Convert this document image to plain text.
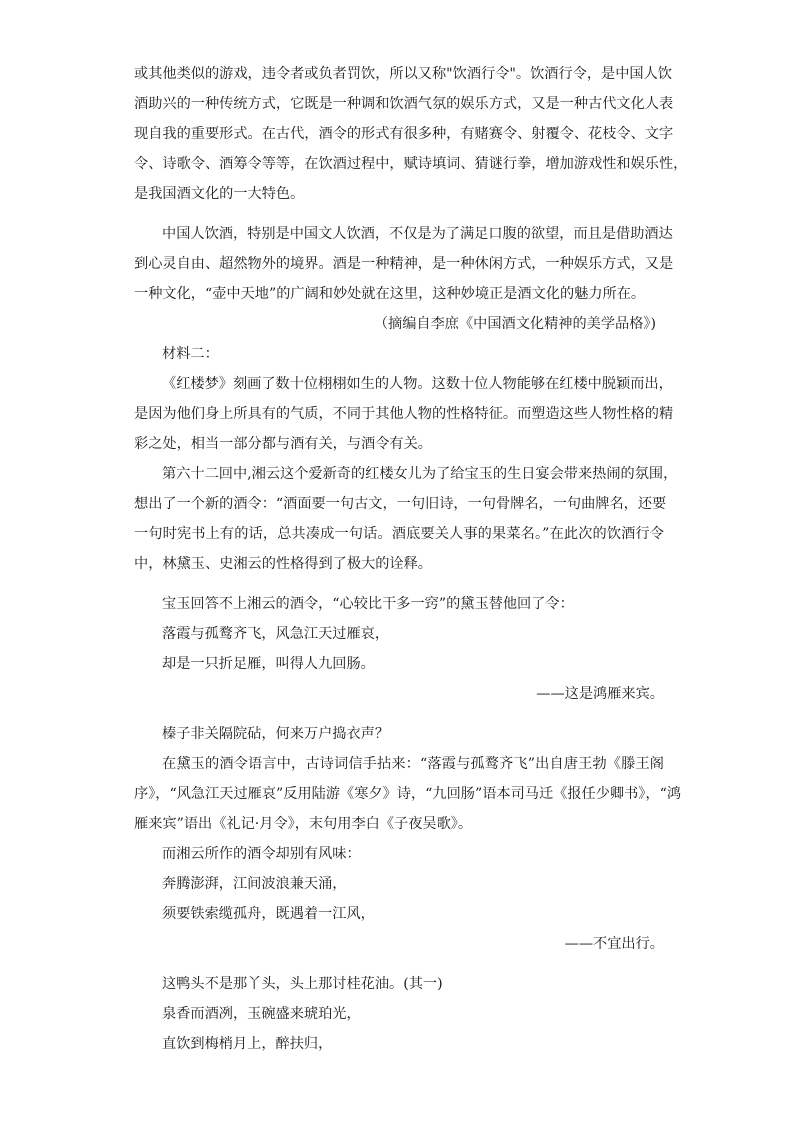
或其他类似的游戏，违令者或负者罚饮，所以又称"饮酒行令"。饮酒行令，是中国人饮
酒助兴的一种传统方式，它既是一种调和饮酒气氛的娱乐方式，又是一种古代文化人表
现自我的重要形式。在古代，酒令的形式有很多种，有赌赛令、射覆令、花枝令、文字
令、诗歌令、酒筹令等等，在饮酒过程中，赋诗填词、猜谜行拳，增加游戏性和娱乐性，
是我国酒文化的一大特色。
中国人饮酒，特别是中国文人饮酒，不仅是为了满足口腹的欲望，而且是借助酒达
到心灵自由、超然物外的境界。酒是一种精神，是一种休闲方式，一种娱乐方式，又是
一种文化，“壶中天地”的广阔和妙处就在这里，这种妙境正是酒文化的魅力所在。
（摘编自李庶《中国酒文化精神的美学品格》)
材料二：
《红楼梦》刻画了数十位栩栩如生的人物。这数十位人物能够在红楼中脱颖而出，
是因为他们身上所具有的气质，不同于其他人物的性格特征。而塑造这些人物性格的精
彩之处，相当一部分都与酒有关，与酒令有关。
第六十二回中,湘云这个爱新奇的红楼女儿为了给宝玉的生日宴会带来热闹的氛围，
想出了一个新的酒令：“酒面要一句古文，一句旧诗，一句骨牌名，一句曲牌名，还要
一句时宪书上有的话，总共凑成一句话。酒底要关人事的果菜名。”在此次的饮酒行令
中，林黛玉、史湘云的性格得到了极大的诠释。
宝玉回答不上湘云的酒令，“心较比干多一窍”的黛玉替他回了令：
落霞与孤鹜齐飞，风急江天过雁哀，
却是一只折足雁，叫得人九回肠。
——这是鸿雁来宾。
榛子非关隔院砧，何来万户捣衣声？
在黛玉的酒令语言中，古诗词信手拈来：“落霞与孤鹜齐飞”出自唐王勃《滕王阁
序》，“风急江天过雁哀”反用陆游《寒夕》诗，“九回肠”语本司马迁《报任少卿书》，“鸿
雁来宾”语出《礼记·月令》，末句用李白《子夜吴歌》。
而湘云所作的酒令却别有风味：
奔腾澎湃，江间波浪兼天涌，
须要铁索缆孤舟，既遇着一江风，
——不宜出行。
这鸭头不是那丫头，头上那讨桂花油。(其一)
泉香而酒冽，玉碗盛来琥珀光，
直饮到梅梢月上，醉扶归，
